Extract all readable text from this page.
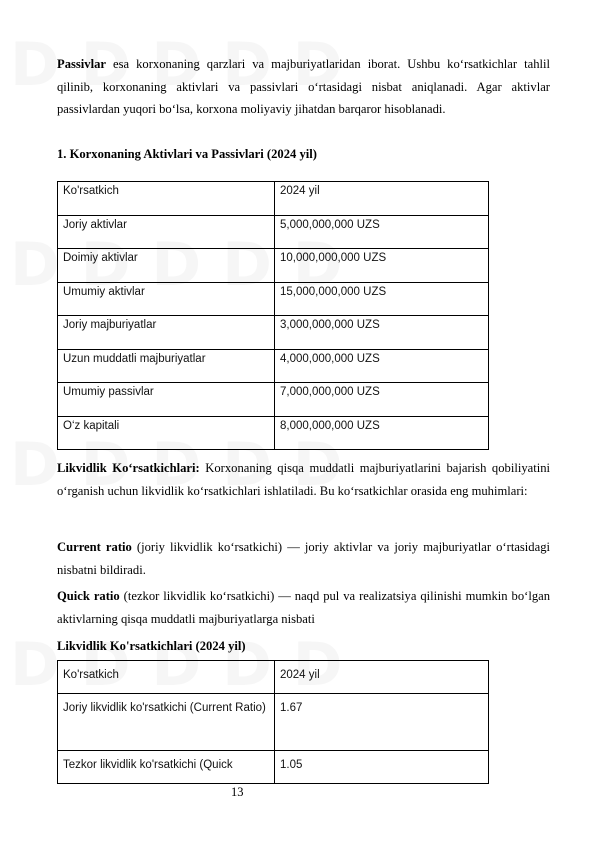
Passivlar esa korxonaning qarzlari va majburiyatlaridan iborat. Ushbu ko‘rsatkichlar tahlil qilinib, korxonaning aktivlari va passivlari o‘rtasidagi nisbat aniqlanadi. Agar aktivlar passivlardan yuqori bo‘lsa, korxona moliyaviy jihatdan barqaror hisoblanadi.
1. Korxonaning Aktivlari va Passivlari (2024 yil)
Ko'rsatkich	2024 yil
Joriy aktivlar	5,000,000,000 UZS
Doimiy aktivlar	10,000,000,000 UZS
Umumiy aktivlar	15,000,000,000 UZS
Joriy majburiyatlar	3,000,000,000 UZS
Uzun muddatli majburiyatlar	4,000,000,000 UZS
Umumiy passivlar	7,000,000,000 UZS
O‘z kapitali	8,000,000,000 UZS
Likvidlik Ko‘rsatkichlari: Korxonaning qisqa muddatli majburiyatlarini bajarish qobiliyatini o‘rganish uchun likvidlik ko‘rsatkichlari ishlatiladi. Bu ko‘rsatkichlar orasida eng muhimlari:
Current ratio (joriy likvidlik ko‘rsatkichi) — joriy aktivlar va joriy majburiyatlar o‘rtasidagi nisbatni bildiradi.
Quick ratio (tezkor likvidlik ko‘rsatkichi) — naqd pul va realizatsiya qilinishi mumkin bo‘lgan aktivlarning qisqa muddatli majburiyatlarga nisbati
Likvidlik Ko'rsatkichlari (2024 yil)
Ko'rsatkich	2024 yil
Joriy likvidlik ko'rsatkichi (Current Ratio)	1.67
Tezkor likvidlik ko'rsatkichi (Quick	1.05
13
